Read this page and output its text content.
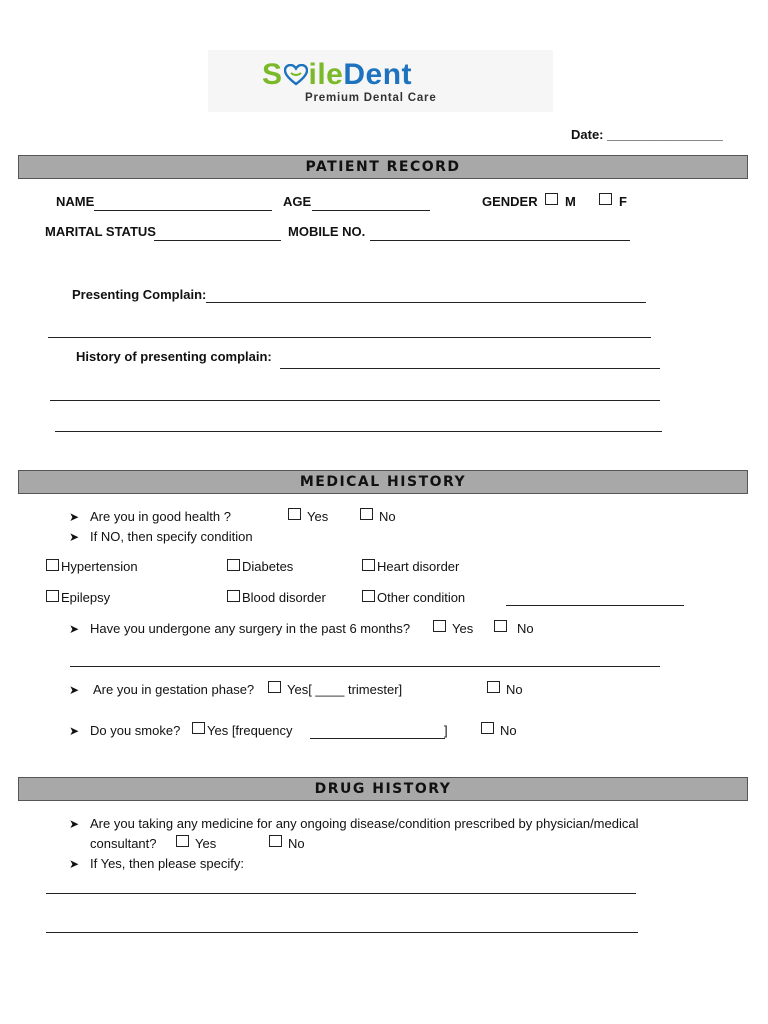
S ileDent
Premium Dental Care
Date: ________________
PATIENT RECORD
NAME	AGE	GENDER M	F
MARITAL STATUS	MOBILE NO.
Presenting Complain:
History of presenting complain:
MEDICAL HISTORY
➤ Are you in good health ?	Yes	No
➤ If NO, then specify condition
Hypertension	Diabetes	Heart disorder
Epilepsy	Blood disorder	Other condition
➤ Have you undergone any surgery in the past 6 months?	Yes	No
➤ Are you in gestation phase?	Yes[ ____ trimester]	No
➤ Do you smoke? Yes [frequency	]	No
DRUG HISTORY
➤ Are you taking any medicine for any ongoing disease/condition prescribed by physician/medical
consultant?	Yes	No
➤ If Yes, then please specify:
